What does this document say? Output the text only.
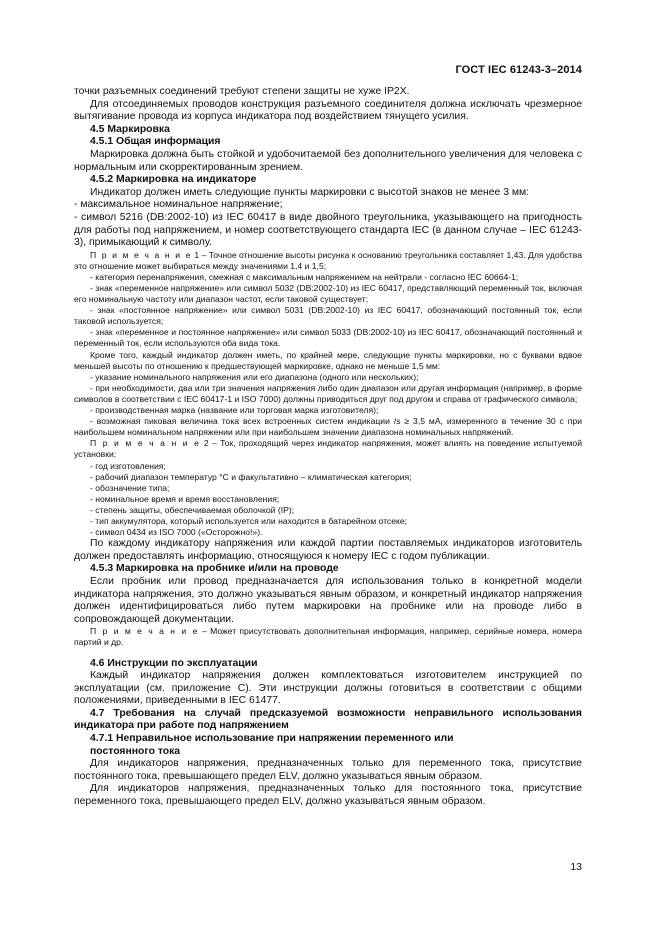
ГОСТ IEC 61243-3–2014

точки разъемных соединений требуют степени защиты не хуже IP2X.

Для отсоединяемых проводов конструкция разъемного соединителя должна исключать чрезмерное вытягивание провода из корпуса индикатора под воздействием тянущего усилия.

4.5 Маркировка

4.5.1 Общая информация

Маркировка должна быть стойкой и удобочитаемой без дополнительного увеличения для человека с нормальным или скорректированным зрением.

4.5.2 Маркировка на индикаторе

Индикатор должен иметь следующие пункты маркировки с высотой знаков не менее 3 мм:

- максимальное номинальное напряжение;

- символ 5216 (DB:2002-10) из IEC 60417 в виде двойного треугольника, указывающего на пригодность для работы под напряжением, и номер соответствующего стандарта IEC (в данном случае – IEC 61243-3), примыкающий к символу.

П р и м е ч а н и е 1 – Точное отношение высоты рисунка к основанию треугольника составляет 1,43. Для удобства это отношение может выбираться между значениями 1,4 и 1,5;

- категория перенапряжения, смежная с максимальным напряжением на нейтрали - согласно IEC 60664-1;

- знак «переменное напряжение» или символ 5032 (DB:2002-10) из IEC 60417, представляющий переменный ток, включая его номинальную частоту или диапазон частот, если таковой существует;

- знак «постоянное напряжение» или символ 5031 (DB:2002-10) из IEC 60417, обозначающий постоянный ток, если таковой используется;

- знак «переменное и постоянное напряжение» или символ 5033 (DB:2002-10) из IEC 60417, обозначающий постоянный и переменный ток, если используются оба вида тока.

Кроме того, каждый индикатор должен иметь, по крайней мере, следующие пункты маркировки, но с буквами вдвое меньшей высоты по отношению к предшествующей маркировке, однако не меньше 1,5 мм:

- указание номинального напряжения или его диапазона (одного или нескольких);

- при необходимости, два или три значения напряжения либо один диапазон или другая информация (например, в форме символов в соответствии с IEC 60417-1 и ISO 7000) должны приводиться друг под другом и справа от графического символа;

- производственная марка (название или торговая марка изготовителя);

- возможная пиковая величина тока всех встроенных систем индикации /s ≥ 3,5 мА, измеренного в течение 30 с при наибольшем номинальном напряжении или при наибольшем значении диапазона номинальных напряжений.

П р и м е ч а н и е 2 – Ток, проходящий через индикатор напряжения, может влиять на поведение испытуемой установки;

- год изготовления;

- рабочий диапазон температур °С и факультативно – климатическая категория;

- обозначение типа;

- номинальное время и время восстановления;

- степень защиты, обеспечиваемая оболочкой (IP);

- тип аккумулятора, который используется или находится в батарейном отсеке;

- символ 0434 из ISO 7000 («Осторожно!»).

По каждому индикатору напряжения или каждой партии поставляемых индикаторов изготовитель должен предоставлять информацию, относящуюся к номеру IEC с годом публикации.

4.5.3 Маркировка на пробнике и/или на проводе

Если пробник или провод предназначается для использования только в конкретной модели индикатора напряжения, это должно указываться явным образом, и конкретный индикатор напряжения должен идентифицироваться либо путем маркировки на пробнике или на проводе либо в сопровождающей документации.

П р и м е ч а н и е – Может присутствовать дополнительная информация, например, серийные номера, номера партий и др.

4.6 Инструкции по эксплуатации

Каждый индикатор напряжения должен комплектоваться изготовителем инструкцией по эксплуатации (см. приложение С). Эти инструкции должны готовиться в соответствии с общими положениями, приведенными в IEC 61477.

4.7 Требования на случай предсказуемой возможности неправильного использования индикатора при работе под напряжением

4.7.1 Неправильное использование при напряжении переменного или

постоянного тока

Для индикаторов напряжения, предназначенных только для переменного тока, присутствие постоянного тока, превышающего предел ELV, должно указываться явным образом.

Для индикаторов напряжения, предназначенных только для постоянного тока, присутствие переменного тока, превышающего предел ELV, должно указываться явным образом.

13
